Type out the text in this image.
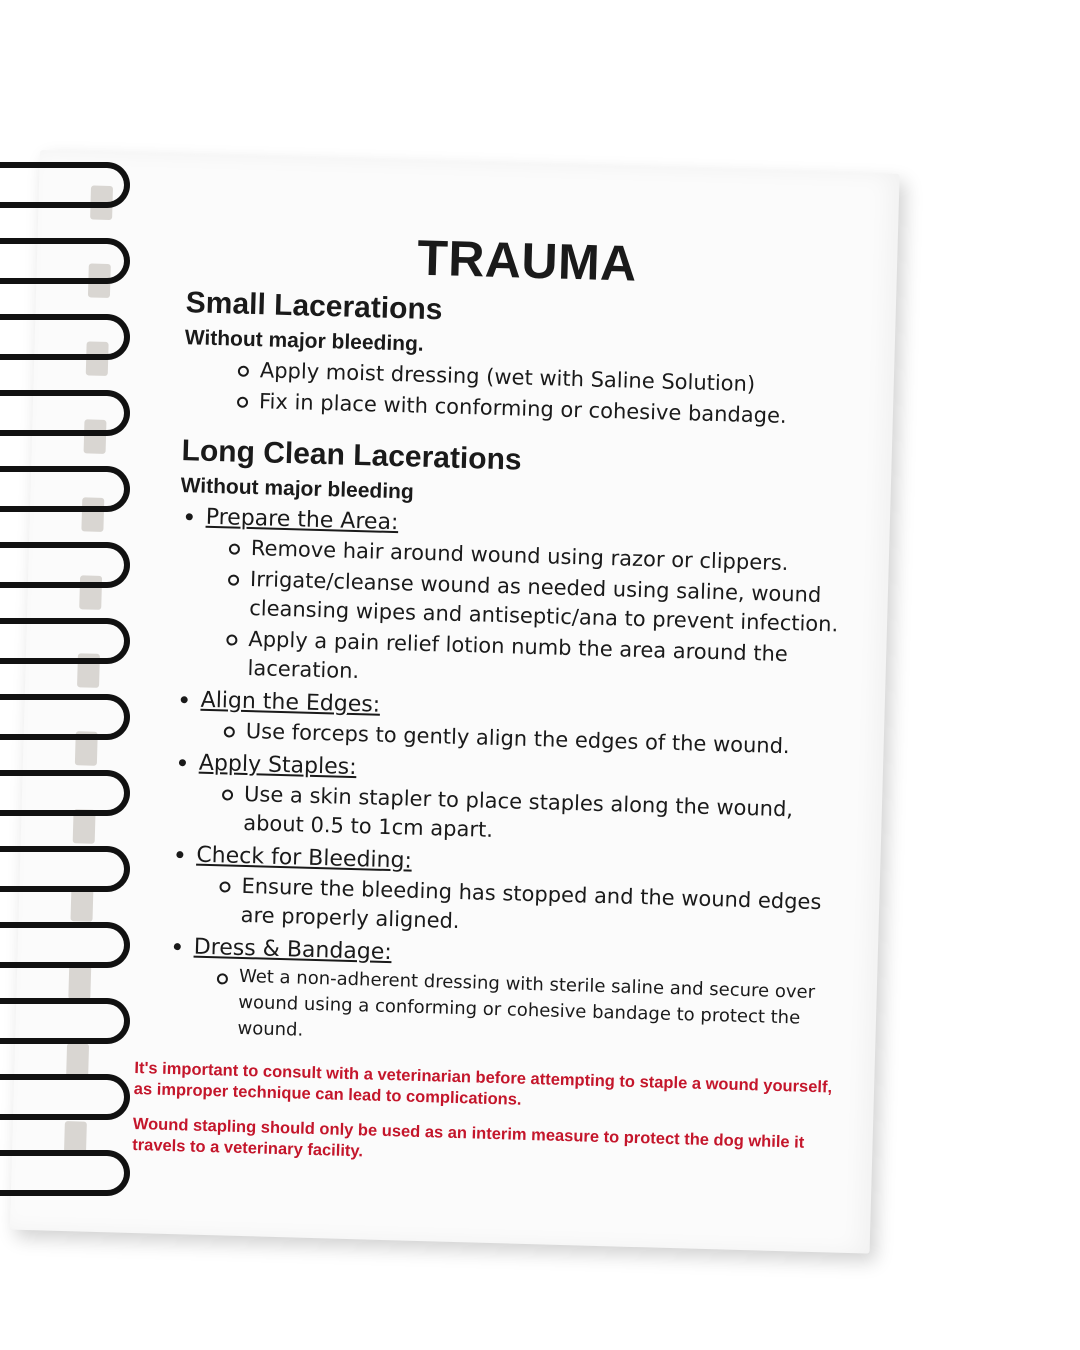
TRAUMA
Small Lacerations
Without major bleeding.
Apply moist dressing (wet with Saline Solution)
Fix in place with conforming or cohesive bandage.
Long Clean Lacerations
Without major bleeding
Prepare the Area:
Remove hair around wound using razor or clippers.
Irrigate/cleanse wound as needed using saline, wound cleansing wipes and antiseptic/ana to prevent infection.
Apply a pain relief lotion numb the area around the laceration.
Align the Edges:
Use forceps to gently align the edges of the wound.
Apply Staples:
Use a skin stapler to place staples along the wound, about 0.5 to 1cm apart.
Check for Bleeding:
Ensure the bleeding has stopped and the wound edges are properly aligned.
Dress & Bandage:
Wet a non-adherent dressing with sterile saline and secure over wound using a conforming or cohesive bandage to protect the wound.

It's important to consult with a veterinarian before attempting to staple a wound yourself, as improper technique can lead to complications.

Wound stapling should only be used as an interim measure to protect the dog while it travels to a veterinary facility.
